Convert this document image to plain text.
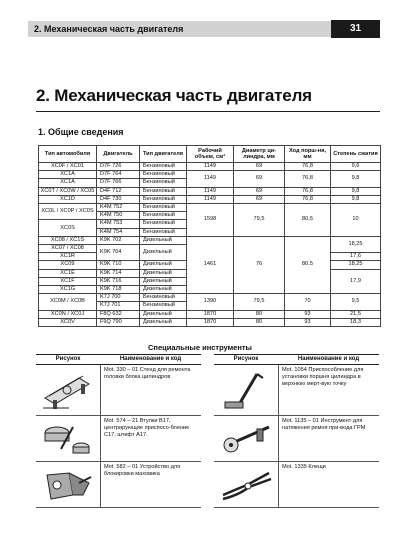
2. Механическая часть двигателя	31
2. Механическая часть двигателя
1. Общие сведения
Тип автомобиля	Двигатель	Тип двигателя	Рабочий объем, см³	Диаметр ци-линдра, мм	Ход порш-ня, мм	Степень сжатия
XC0F / XC01	D7F 726	Бензиновый	1149	69	76,8	9,6
XC1A	D7F 764	Бензиновый	1149	69	76,8	9,8
XC1A	D7F 766	Бензиновый				
XC0T / XC0W / XC05	D4F 712	Бензиновый	1149	69	76,8	9,8
XC1D	D4F 730	Бензиновый	1149	69	76,8	9,8
XC0L / XC0P / XC0S	K4M 752	Бензиновый	1598	79,5	80,5	10
	K4M 750	Бензиновый				
XC0S	K4M 753	Бензиновый				
	K4M 754	Бензиновый				
XC08 / XC1S	K9K 702	Дизельный	1461	76	80,5	18,25
XC07 / XC08	K9K 704	Дизельный				
XC1R						17,6
XC09	K9K 710	Дизельный				18,25
XC1E	K9K 714	Дизельный				17,9
XC1F	K9K 716	Дизельный				
XC1G	K9K 718	Дизельный				
XC0M / XC0B	K7J 700	Бензиновый	1390	79,5	70	9,5
	K7J 701	Бензиновый				
XC0N / XC0J	F8Q 632	Дизельный	1870	80	93	21,5
XC0V	F9Q 790	Дизельный	1870	80	93	18,3
Специальные инструменты
Рисунок	Наименование и код
Mot. 330 – 01 Стенд для ремонта головки блока цилиндров
Mot. 574 – 21 Втулки B17, центрирующие приспосо-бление C17, штифт A17.
Mot. 582 – 01 Устройство для блокировки маховика
Рисунок	Наименование и код
Mot. 1054 Приспособление для установки поршня цилиндра в верхнюю мерт-вую точку
Mot. 1135 – 01 Инструмент для натяжения ремня при-вода ГРМ
Mot. 1335 Клещи
